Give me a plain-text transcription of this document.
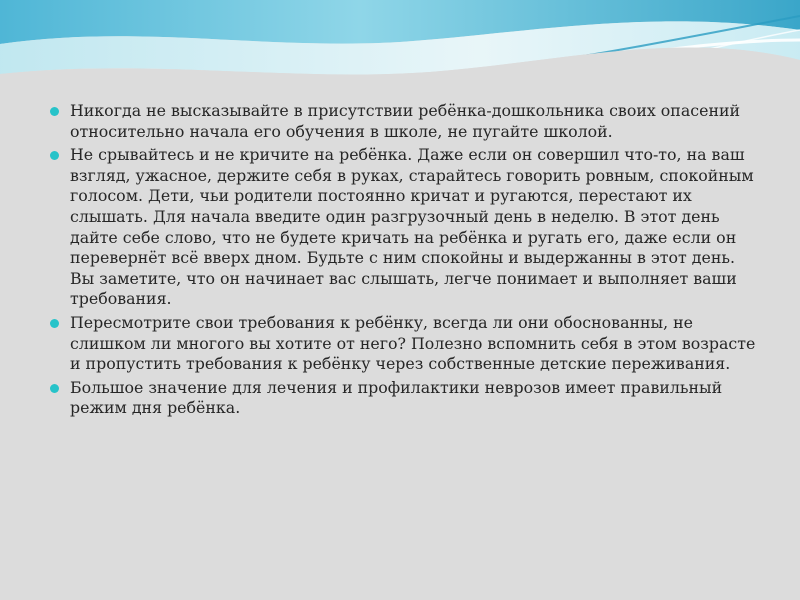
Никогда не высказывайте в присутствии ребёнка-дошкольника своих опасений относительно начала его обучения в школе, не пугайте школой.
Не срывайтесь и не кричите на ребёнка. Даже если он совершил что-то, на ваш взгляд, ужасное, держите себя в руках, старайтесь говорить ровным, спокойным голосом. Дети, чьи родители постоянно кричат и ругаются, перестают их слышать. Для начала введите один разгрузочный день в неделю. В этот день дайте себе слово, что не будете кричать на ребёнка и ругать его, даже если он перевернёт всё вверх дном. Будьте с ним спокойны и выдержанны в этот день. Вы заметите, что он начинает вас слышать, легче понимает и выполняет ваши требования.
Пересмотрите свои требования к ребёнку, всегда ли они обоснованны, не слишком ли многого вы хотите от него? Полезно вспомнить себя в этом возрасте и пропустить требования к ребёнку через собственные детские переживания.
Большое значение для лечения и профилактики неврозов имеет правильный режим дня ребёнка.
